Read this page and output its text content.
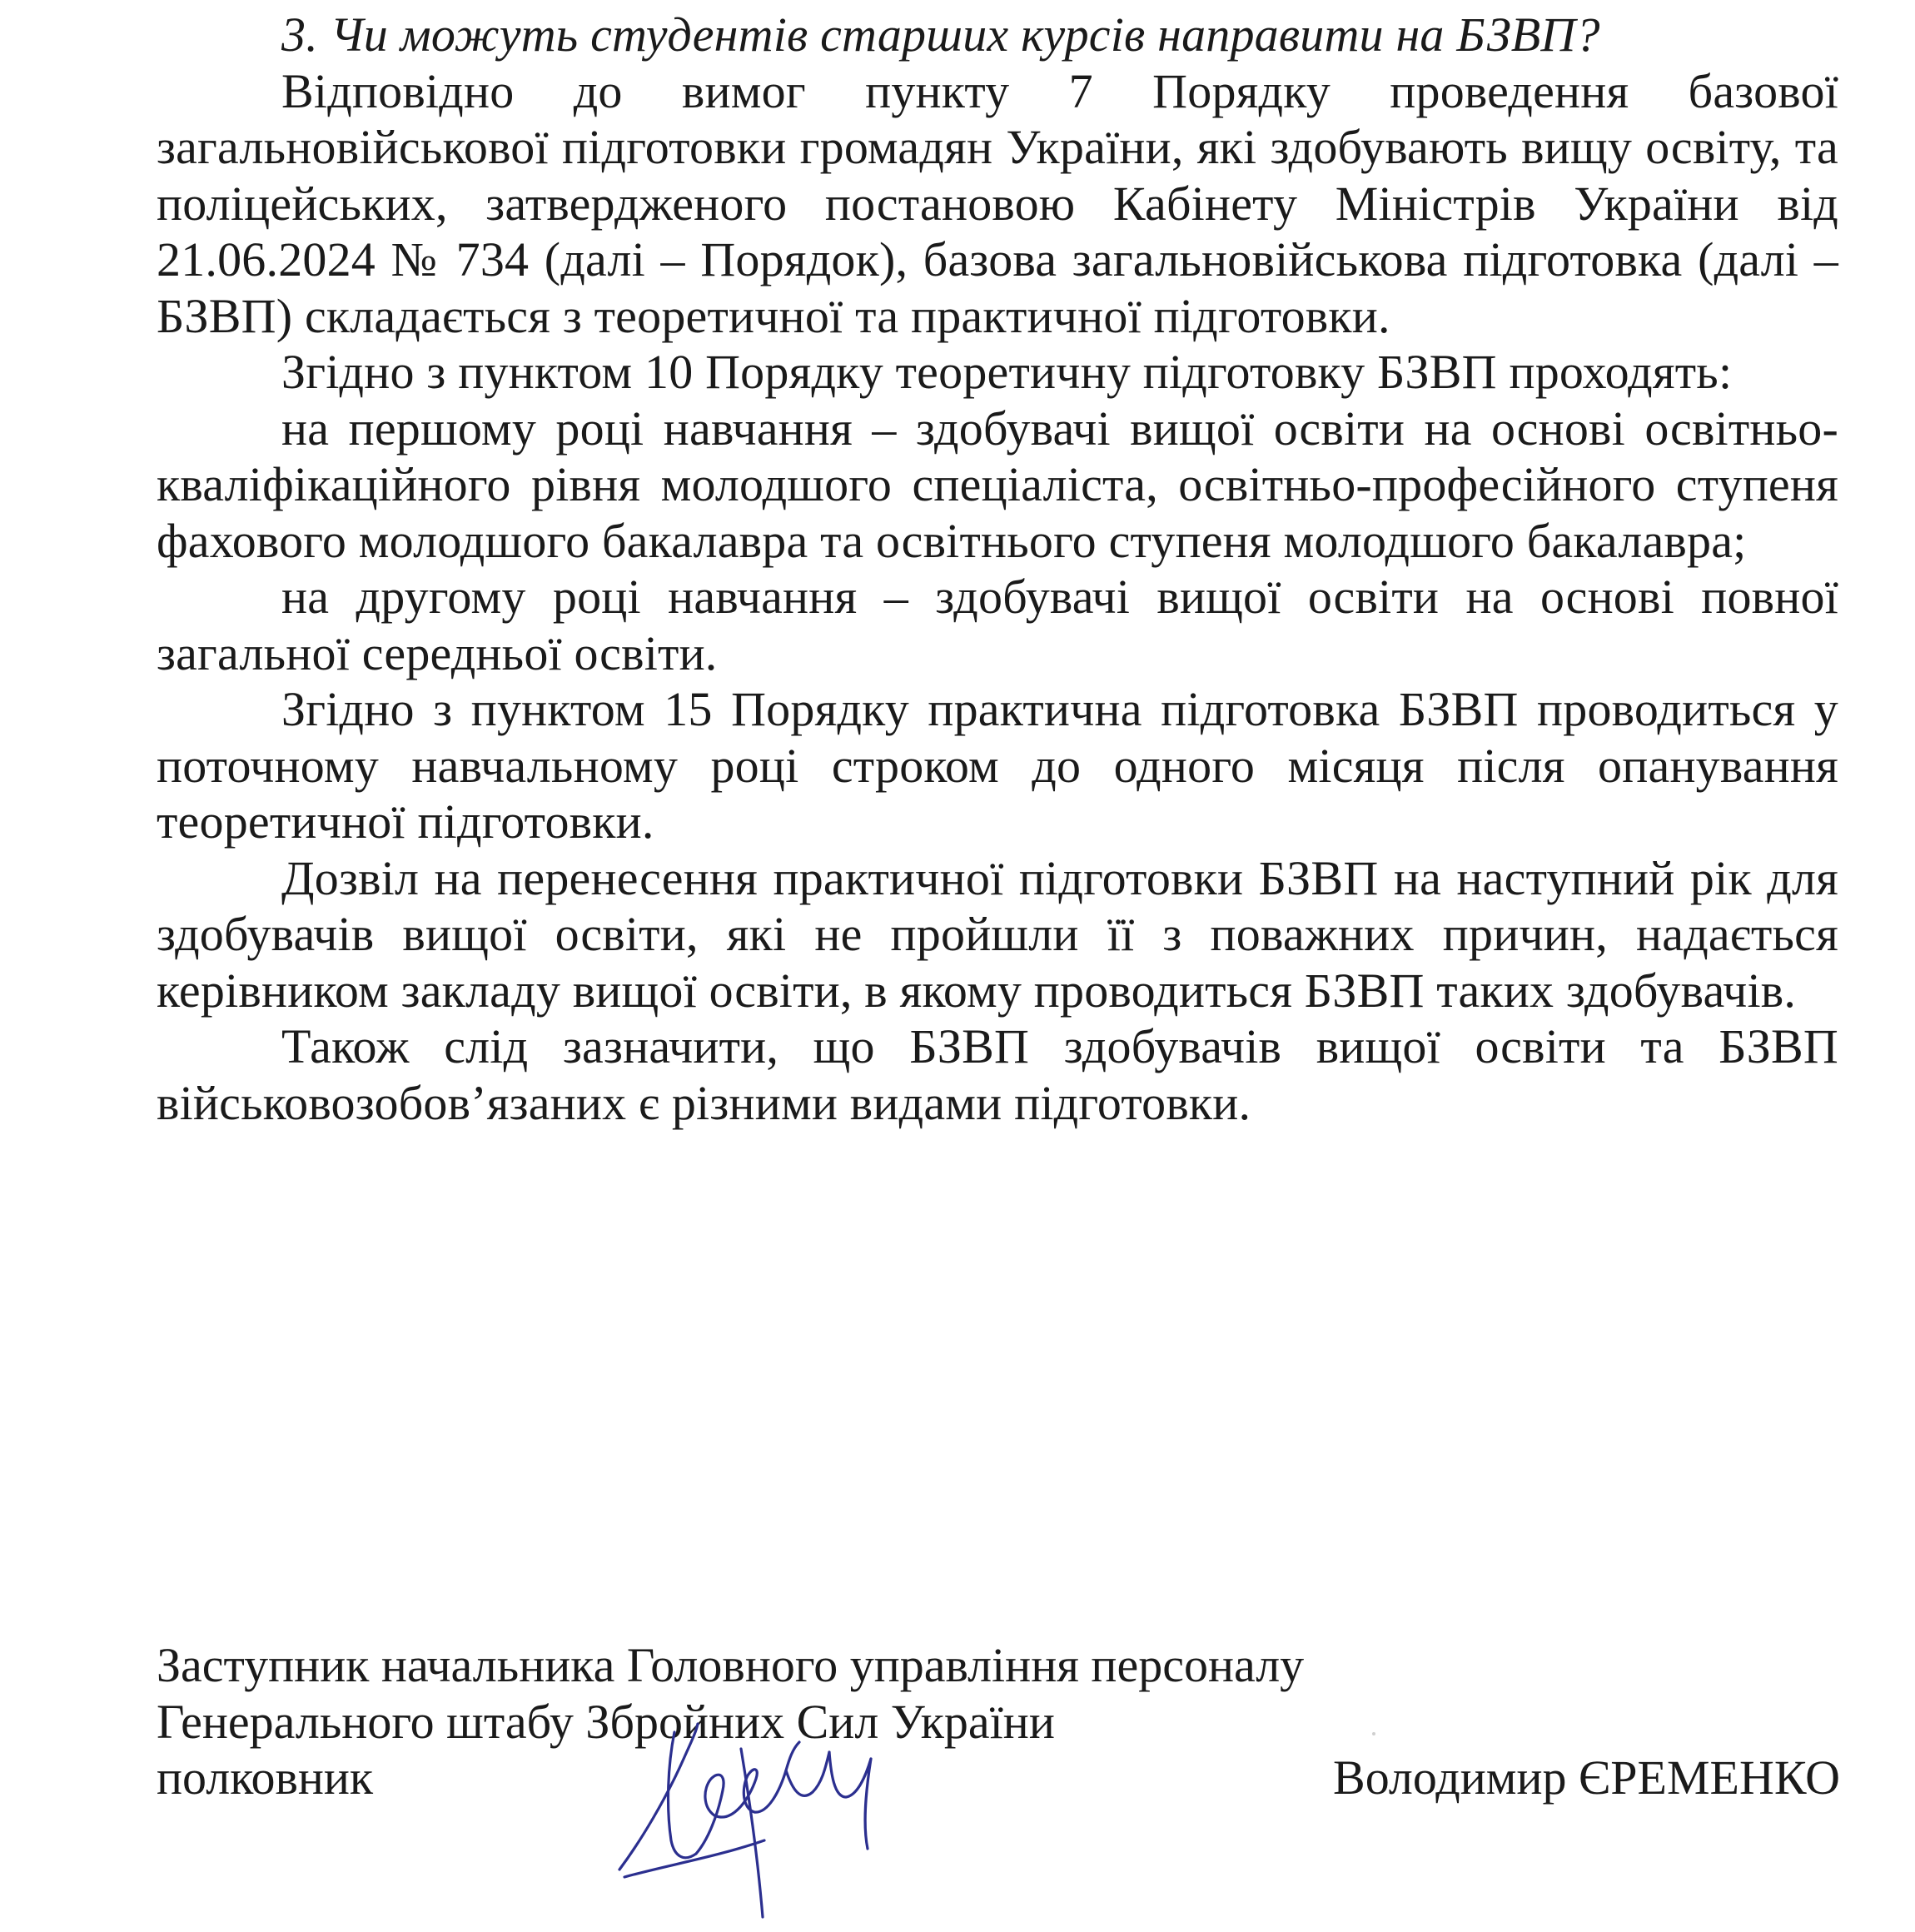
3. Чи можуть студентів старших курсів направити на БЗВП?

Відповідно до вимог пункту 7 Порядку проведення базової загальновійськової підготовки громадян України, які здобувають вищу освіту, та поліцейських, затвердженого постановою Кабінету Міністрів України від 21.06.2024 № 734 (далі – Порядок), базова загальновійськова підготовка (далі – БЗВП) складається з теоретичної та практичної підготовки.

Згідно з пунктом 10 Порядку теоретичну підготовку БЗВП проходять:

на першому році навчання – здобувачі вищої освіти на основі освітньо-кваліфікаційного рівня молодшого спеціаліста, освітньо-професійного ступеня фахового молодшого бакалавра та освітнього ступеня молодшого бакалавра;

на другому році навчання – здобувачі вищої освіти на основі повної загальної середньої освіти.

Згідно з пунктом 15 Порядку практична підготовка БЗВП проводиться у поточному навчальному році строком до одного місяця після опанування теоретичної підготовки.

Дозвіл на перенесення практичної підготовки БЗВП на наступний рік для здобувачів вищої освіти, які не пройшли її з поважних причин, надається керівником закладу вищої освіти, в якому проводиться БЗВП таких здобувачів.

Також слід зазначити, що БЗВП здобувачів вищої освіти та БЗВП військовозобов’язаних є різними видами підготовки.

Заступник начальника Головного управління персоналу
Генерального штабу Збройних Сил України
полковник	Володимир ЄРЕМЕНКО
